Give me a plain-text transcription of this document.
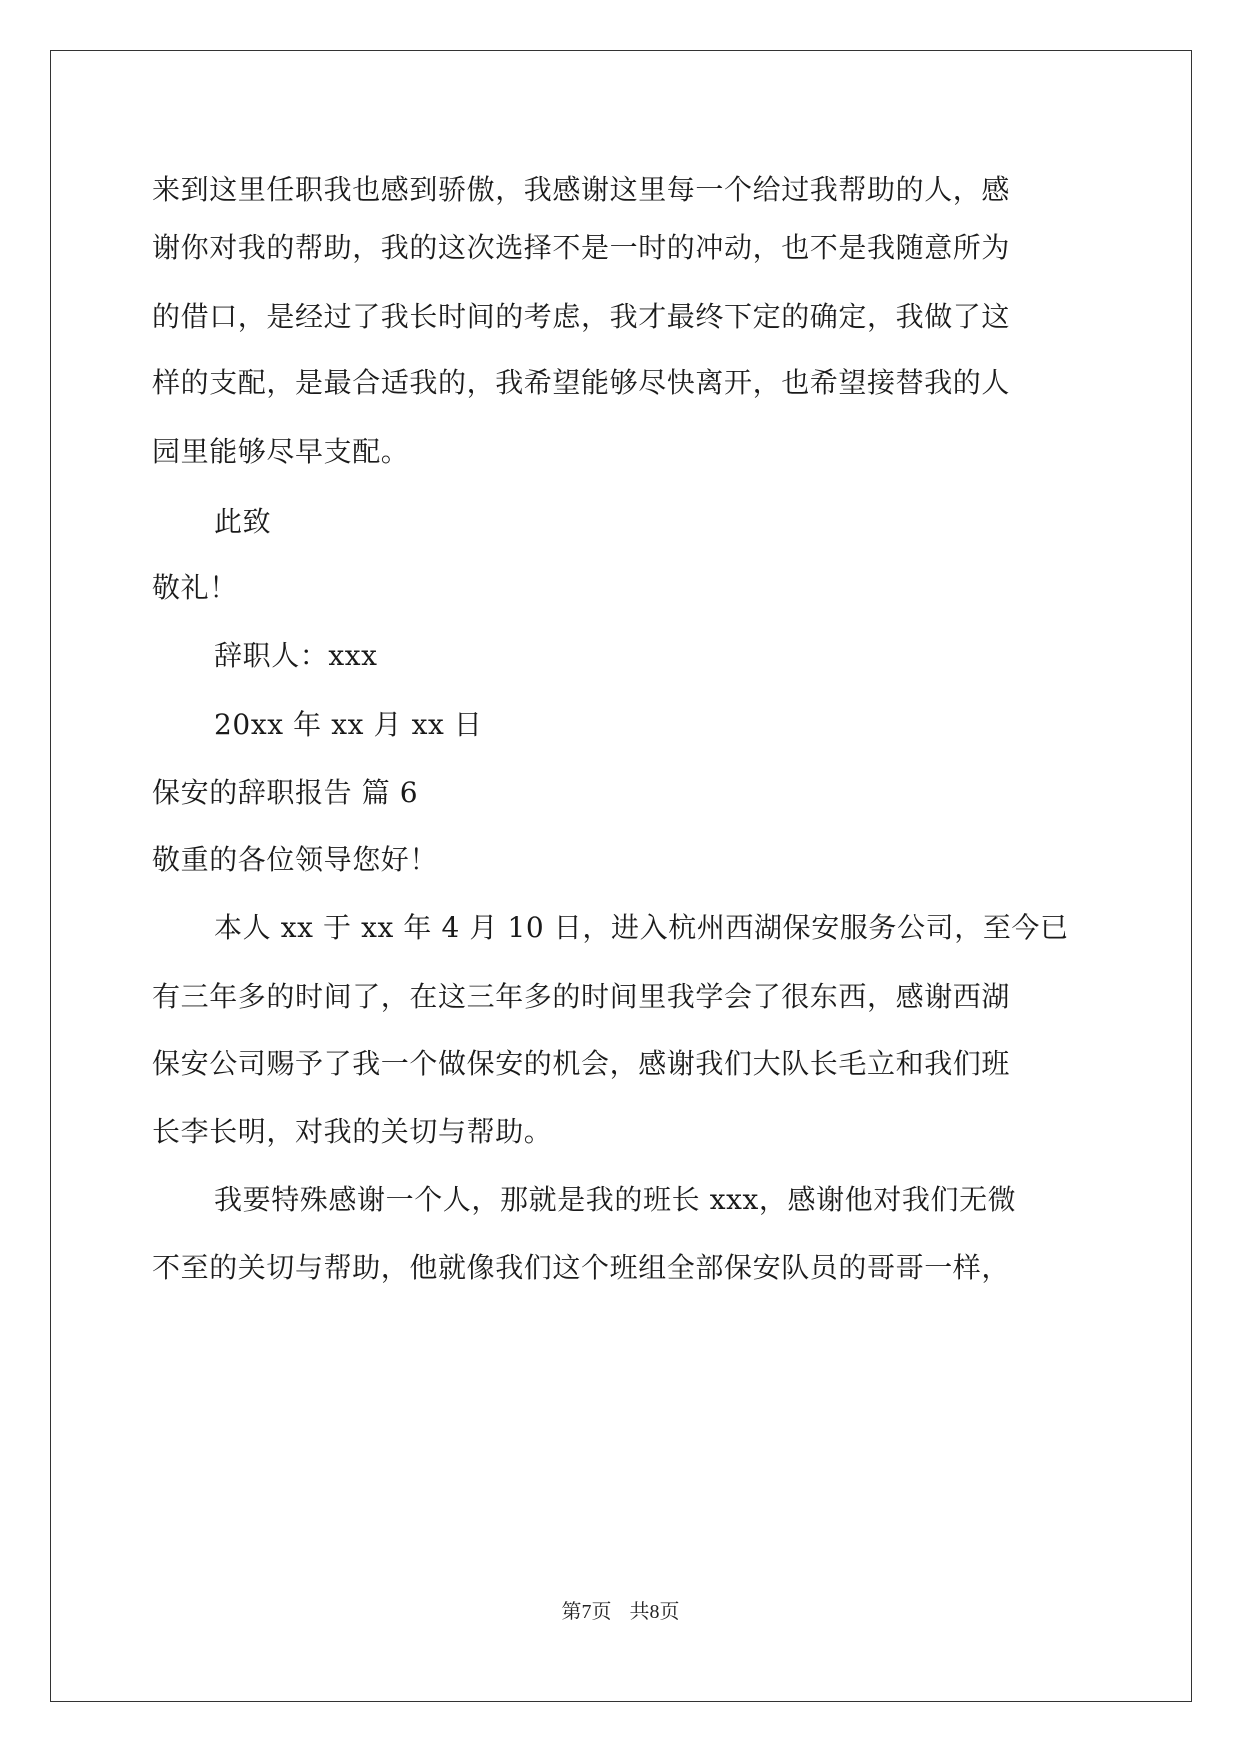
来到这里任职我也感到骄傲，我感谢这里每一个给过我帮助的人，感
谢你对我的帮助，我的这次选择不是一时的冲动，也不是我随意所为
的借口，是经过了我长时间的考虑，我才最终下定的确定，我做了这
样的支配，是最合适我的，我希望能够尽快离开，也希望接替我的人
园里能够尽早支配。
此致
敬礼！
辞职人：xxx
20xx 年 xx 月 xx 日
保安的辞职报告 篇 6
敬重的各位领导您好！
本人 xx 于 xx 年 4 月 10 日，进入杭州西湖保安服务公司，至今已
有三年多的时间了，在这三年多的时间里我学会了很东西，感谢西湖
保安公司赐予了我一个做保安的机会，感谢我们大队长毛立和我们班
长李长明，对我的关切与帮助。
我要特殊感谢一个人，那就是我的班长 xxx，感谢他对我们无微
不至的关切与帮助，他就像我们这个班组全部保安队员的哥哥一样，
第7页 共8页
